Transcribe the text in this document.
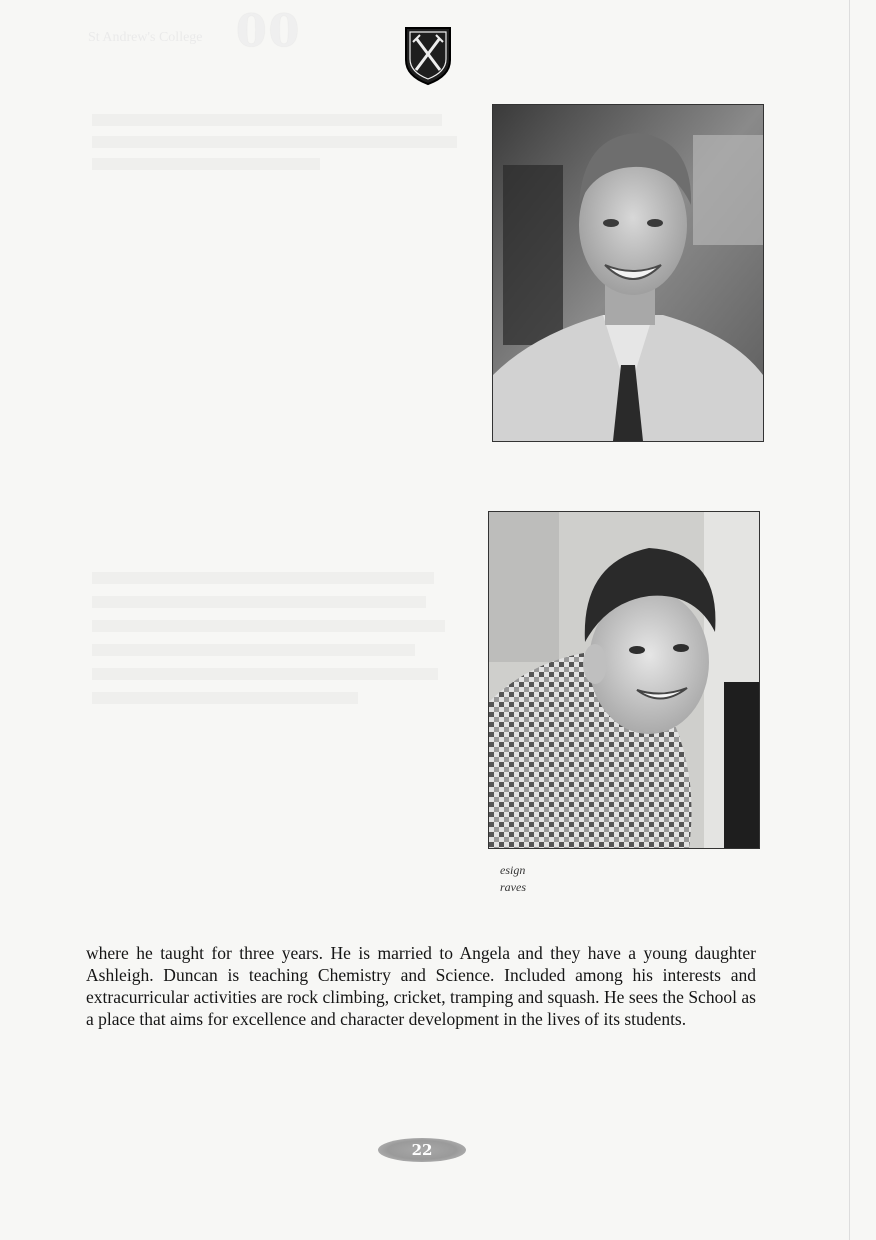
St Andrew's College 00
esign
raves

where he taught for three years. He is married to Angela and they have a young daughter Ashleigh. Duncan is teaching Chemistry and Science. Included among his interests and extracurricular activities are rock climbing, cricket, tramping and squash. He sees the School as a place that aims for excellence and character development in the lives of its students.

22
